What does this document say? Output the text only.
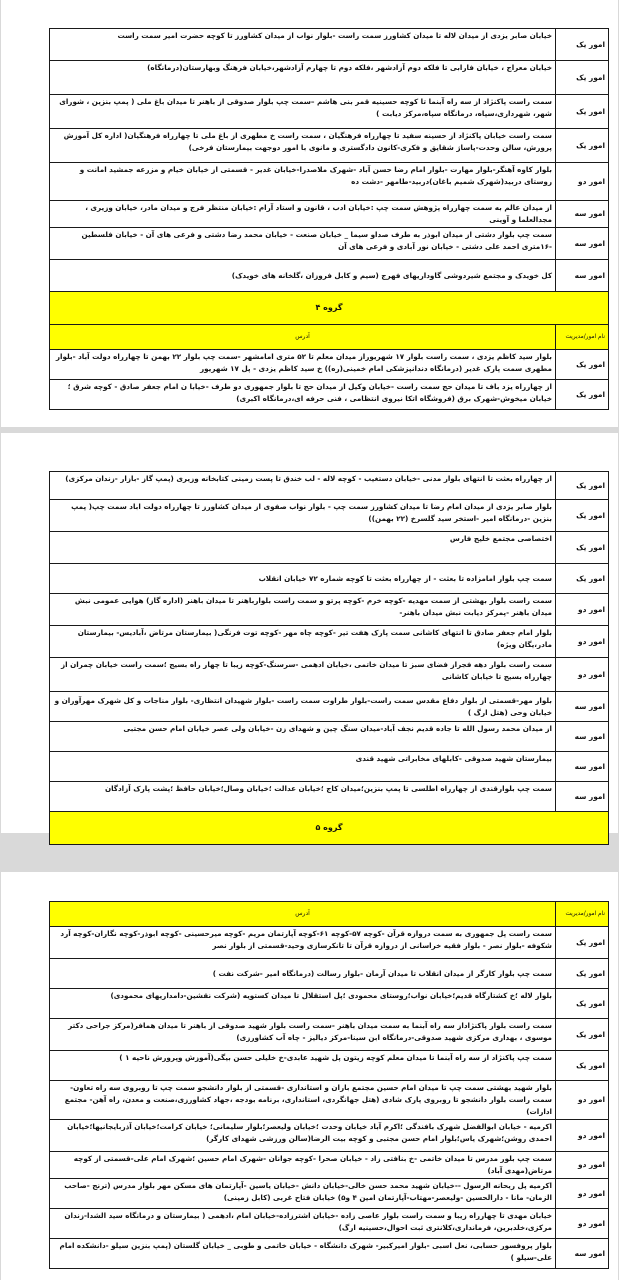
امور یک	خیابان صابر یزدی از میدان لاله تا میدان کشاورز سمت راست -بلوار نواب از میدان کشاورز تا کوچه حضرت امیر سمت راست
امور یک	خیابان معراج ، خیابان فارابی تا فلکه دوم آزادشهر ،فلکه دوم تا چهارم آزادشهر،خیابان فرهنگ وبهارستان(درمانگاه)
امور یک	سمت راست پاکنژاد از سه راه آبنما تا کوچه حسینیه قمر بنی هاشم –سمت چپ بلوار صدوقی از باهنر تا میدان باغ ملی ( پمپ بنزین ، شورای شهر، شهرداری،سپاه، درمانگاه سپاه،مرکز دیابت )
امور یک	سمت راست خیابان پاکنژاد از حسینه سفید تا چهارراه فرهنگیان ، سمت راست خ مطهری از باغ ملی تا چهارراه فرهنگیان( اداره کل آموزش پرورش، سالن وحدت-پاساژ شقایق و فکری-کانون دادگستری و مانوی با امور دوجهت بیمارستان فرخی)
امور دو	بلوار کاوه آهنگر-بلوار مهارت -بلوار امام رضا حسن آباد -شهرک ملاصدرا-خیابان غدیر - قسمتی از خیابان خیام و مزرعه جمشید امانت و روستای دربید(شهرک شمیم باغان)دربید-طامهر -دشت ده
امور سه	از میدان عالم به سمت چهارراه پژوهش سمت چپ :خیابان ادب ، قانون و استاد آرام :خیابان منتظر فرج و میدان مادر، خیابان وزیری ، مجدالعلما و آوینی
امور سه	سمت چپ بلوار دشتی از میدان ابوذر به طرف صداو سیما _ خیابان صنعت - خیابان محمد رضا دشتی و فرعی های آن - خیابان فلسطین -۱۶متری احمد علی دشتی - خیابان نور آبادی و فرعی های آن
امور سه	کل خویدک و مجتمع شیردوشی گاوداریهای فهرج (سیم و کابل فروزان ،گلخانه های خویدک)
گروه ۴	
نام امور/مدیریت	آدرس
امور یک	بلوار سید کاظم یزدی ، سمت راست بلوار ۱۷ شهریوراز میدان معلم تا ۵۲ متری امامشهر -سمت چپ بلوار ۲۲ بهمن تا چهارراه دولت آباد -بلوار مطهری سمت پارک غدیر (درمانگاه دندانپزشکی امام خمینی(ره)) خ سید کاظم یزدی - پل ۱۷ شهریور
امور یک	از چهارراه یزد باف تا میدان حج سمت راست -خیابان وکیل از میدان حج تا بلوار جمهوری دو طرف -خیابا ن امام جعفر صادق - کوچه شرق ؛خیابان میخوش-شهرک برق (فروشگاه اتکا نیروی انتظامی ، فنی حرفه ای،درمانگاه اکبری)
امور یک	از چهارراه بعثت تا انتهای بلوار مدنی -خیابان دستغیب - کوچه لاله - لب خندق تا پست زمینی کتابخانه وزیری (پمپ گاز -بازار -زندان مرکزی)
امور یک	بلوار صابر یزدی از میدان امام رضا تا میدان کشاورز سمت چپ - بلوار نواب صفوی از میدان کشاورز تا چهارراه دولت اباد سمت چپ( پمپ بنزین -درمانگاه امیر -استخر سید گلسرخ (۲۲ بهمن))
امور یک	اختصاصی مجتمع خلیج فارس
امور یک	سمت چپ بلوار امامزاده تا بعثت - از چهارراه بعثت تا کوچه شماره ۷۲ خیابان انقلاب
امور دو	سمت راست بلوار بهشتی از سمت مهدیه -کوچه خرم -کوچه پرتو و سمت راست بلوارباهنر تا میدان باهنر (اداره گاز) هوایی عمومی نبش میدان باهنر -پمرکز دیابت نبش میدان باهنر-
امور دو	بلوار امام جعفر صادق تا انتهای کاشانی سمت پارک هفت تیر -کوچه چاه مهر -کوچه توت فرنگی( بیمارستان مرتاض ،آبادیس- بیمارستان مادر،یگان ویژه)
امور دو	سمت راست بلوار دهه فجراز فضای سبز تا میدان خاتمی ،خیابان ادهمی -سرسنگ-کوچه زیبا تا چهار راه بسیج ؛سمت راست خیابان چمران از چهارراه بسیج تا خیابان کاشانی
امور سه	بلوار مهر-قسمتی از بلوار دفاع مقدس سمت راست-بلوار طراوت سمت راست -بلوار شهیدان انتظاری- بلوار مناجات و کل شهرک مهرآوران و خیابان وحی (هتل ارگ )
امور سه	از میدان محمد رسول الله تا جاده قدیم نجف آباد-میدان سنگ چین و شهدای زن -خیابان ولی عصر خیابان امام حسن مجتبی
امور سه	بیمارستان شهید صدوقی -کابلهای مخابراتی شهید قندی
امور سه	سمت چپ بلوارقندی از چهارراه اطلسی تا پمپ بنزین؛میدان کاج ؛خیابان عدالت ؛خیابان وصال؛خیابان حافظ ؛پشت پارک آزادگان
گروه ۵	
نام امور/مدیریت	آدرس
امور یک	سمت راست پل جمهوری به سمت دروازه قرآن -کوچه ۵۷-کوچه ۶۱-کوچه آپارتمان مریم -کوچه میرحسینی -کوچه ابوذر-کوچه نگاران-کوچه آرد شکوفه -بلوار نصر - بلوار فقیه خراسانی از دروازه قرآن تا تانکرسازی وحید-قسمتی از بلوار نصر
امور یک	سمت چپ بلوار کارگر از میدان انقلاب تا میدان آرمان -بلوار رسالت (درمانگاه امیر -شرکت نفت )
امور یک	بلوار لاله ؛خ کشتارگاه قدیم؛خیابان نواب؛روستای محمودی ؛پل استقلال تا میدان کستویه (شرکت نقشین-دامداریهای محمودی)
امور یک	سمت راست بلوار پاکنژاداز سه راه آبنما به سمت میدان باهنر -سمت راست بلوار شهید صدوقی از باهنر تا میدان همافر(مرکز جراحی دکتر موسوی ، بهداری مرکزی شهید صدوقی-درمانگاه ابن سینا-مرکز دیالیز - چاه آب کشاورزی)
امور یک	سمت چپ پاکنژاد از سه راه آبنما تا میدان معلم کوچه زیتون پل شهید عابدی-خ خلیلی حسن بیگی(آموزش وپرورش ناحیه ۱ )
امور دو	بلوار شهید بهشتی سمت چپ تا میدان امام حسین مجتمع باران و استانداری -قسمتی از بلوار دانشجو سمت چپ تا روبروی سه راه تعاون-سمت راست بلوار دانشجو تا روبروی پارک شادی (هتل جهانگردی، استانداری، برنامه بودجه ،جهاد کشاورزی،صنعت و معدن، راه آهن- مجتمع ادارات)
امور دو	اکرمیه - خیابان ابوالفضل شهرک بافندگی ؛اکرم آباد خیابان وحدت ؛خیابان ولیعصر؛بلوار سلیمانی؛ خیابان کرامت؛خیابان آذربایجانیها؛خیابان احمدی روشن؛شهرک یاس؛بلوار امام حسن مجتبی و کوچه بیت الرضا(سالن ورزشی شهدای کارگر)
امور دو	سمت چپ بلور مدرس تا میدان خاتمی -خ بنافتی زاد - خیابان صحرا -کوچه جوانان -شهرک امام حسین ؛شهرک امام علی-قسمتی از کوچه مرتاض(مهدی آباد)
امور دو	اکرمیه پل ریحانه الرسول --خیابان شهید محمد حسن خالی-خیابان دانش -خیابان یاسین -آپارتمان های مسکن مهر بلوار مدرس (ترنج -صاحب الزمان- مانا - دارالحسین -ولیعصر-مهتاب-آپارتمان امین ۴ و۵) خیابان فتاح غربی (کابل زمینی)
امور دو	خیابان مهدی تا چهارراه زیبا و سمت راست بلوار عاصی زاده -خیابان اشترزاده-خیابان امام ،ادهمی ( بیمارستان و درمانگاه سید الشدا-زندان مرکزی،خلدبرین، فرمانداری،کلانتری ثبت احوال،حسینیه ارگ)
امور سه	بلوار پروفسور حسابی، نعل اسبی -بلوار امیرکبیر- شهرک دانشگاه - خیابان خاتمی و طوبی _ خیابان گلستان (پمپ بنزین سیلو -دانشکده امام علی-سیلو )
